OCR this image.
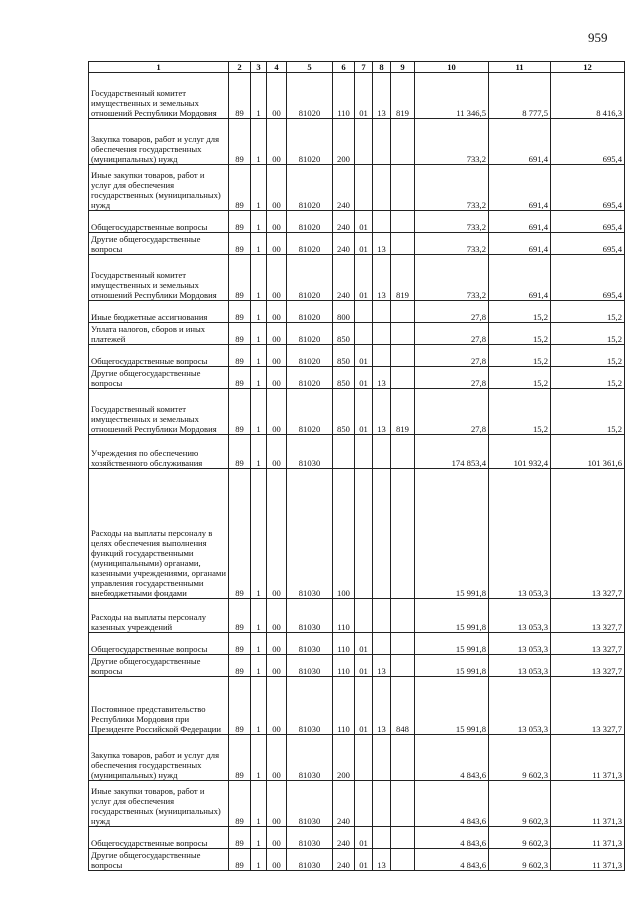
959
1	2	3	4	5	6	7	8	9	10	11	12
Государственный комитет имущественных и земельных отношений Республики Мордовия	89	1	00	81020	110	01	13	819	11 346,5	8 777,5	8 416,3
Закупка товаров, работ и услуг для обеспечения государственных (муниципальных) нужд	89	1	00	81020	200				733,2	691,4	695,4
Иные закупки товаров, работ и услуг для обеспечения государственных (муниципальных) нужд	89	1	00	81020	240				733,2	691,4	695,4
Общегосударственные вопросы	89	1	00	81020	240	01			733,2	691,4	695,4
Другие общегосударственные вопросы	89	1	00	81020	240	01	13		733,2	691,4	695,4
Государственный комитет имущественных и земельных отношений Республики Мордовия	89	1	00	81020	240	01	13	819	733,2	691,4	695,4
Иные бюджетные ассигнования	89	1	00	81020	800				27,8	15,2	15,2
Уплата налогов, сборов и иных платежей	89	1	00	81020	850				27,8	15,2	15,2
Общегосударственные вопросы	89	1	00	81020	850	01			27,8	15,2	15,2
Другие общегосударственные вопросы	89	1	00	81020	850	01	13		27,8	15,2	15,2
Государственный комитет имущественных и земельных отношений Республики Мордовия	89	1	00	81020	850	01	13	819	27,8	15,2	15,2
Учреждения по обеспечению хозяйственного обслуживания	89	1	00	81030					174 853,4	101 932,4	101 361,6
Расходы на выплаты персоналу в целях обеспечения выполнения функций государственными (муниципальными) органами, казенными учреждениями, органами управления государственными внебюджетными фондами	89	1	00	81030	100				15 991,8	13 053,3	13 327,7
Расходы на выплаты персоналу казенных учреждений	89	1	00	81030	110				15 991,8	13 053,3	13 327,7
Общегосударственные вопросы	89	1	00	81030	110	01			15 991,8	13 053,3	13 327,7
Другие общегосударственные вопросы	89	1	00	81030	110	01	13		15 991,8	13 053,3	13 327,7
Постоянное представительство Республики Мордовия при Президенте Российской Федерации	89	1	00	81030	110	01	13	848	15 991,8	13 053,3	13 327,7
Закупка товаров, работ и услуг для обеспечения государственных (муниципальных) нужд	89	1	00	81030	200				4 843,6	9 602,3	11 371,3
Иные закупки товаров, работ и услуг для обеспечения государственных (муниципальных) нужд	89	1	00	81030	240				4 843,6	9 602,3	11 371,3
Общегосударственные вопросы	89	1	00	81030	240	01			4 843,6	9 602,3	11 371,3
Другие общегосударственные вопросы	89	1	00	81030	240	01	13		4 843,6	9 602,3	11 371,3
